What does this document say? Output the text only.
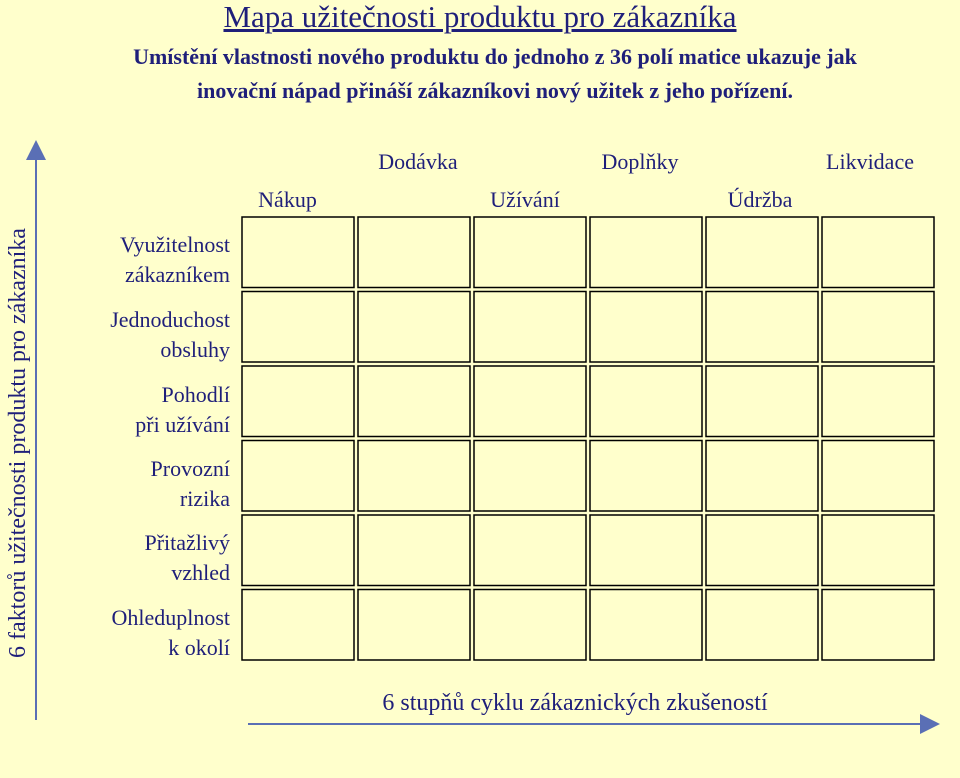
Mapa užitečnosti produktu pro zákazníka
Umístění vlastnosti nového produktu do jednoho z 36 polí matice ukazuje jak
inovační nápad přináší zákazníkovi nový užitek z jeho pořízení.
6 faktorů užitečnosti produktu pro zákazníka
Dodávka	Doplňky	Likvidace
Nákup	Užívání	Údržba
Využitelnost
zákazníkem
Jednoduchost
obsluhy
Pohodlí
při užívání
Provozní
rizika
Přitažlivý
vzhled
Ohleduplnost
k okolí
6 stupňů cyklu zákaznických zkušeností
